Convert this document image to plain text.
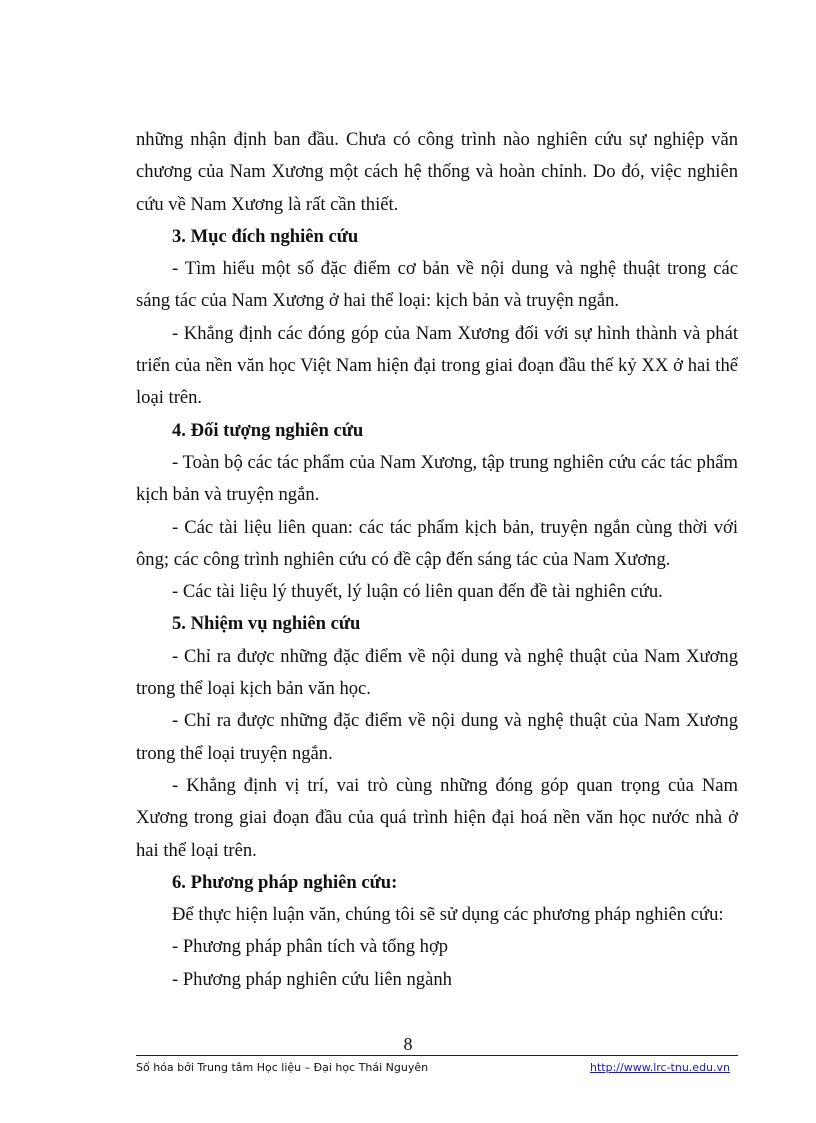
những nhận định ban đầu. Chưa có công trình nào nghiên cứu sự nghiệp văn chương của Nam Xương một cách hệ thống và hoàn chỉnh. Do đó, việc nghiên cứu về Nam Xương là rất cần thiết.

3. Mục đích nghiên cứu

- Tìm hiểu một số đặc điểm cơ bản về nội dung và nghệ thuật trong các sáng tác của Nam Xương ở hai thể loại: kịch bản và truyện ngắn.

- Khẳng định các đóng góp của Nam Xương đối với sự hình thành và phát triển của nền văn học Việt Nam hiện đại trong giai đoạn đầu thế kỷ XX ở hai thể loại trên.

4. Đối tượng nghiên cứu

- Toàn bộ các tác phẩm của Nam Xương, tập trung nghiên cứu các tác phẩm kịch bản và truyện ngắn.

- Các tài liệu liên quan: các tác phẩm kịch bản, truyện ngắn cùng thời với ông; các công trình nghiên cứu có đề cập đến sáng tác của Nam Xương.

- Các tài liệu lý thuyết, lý luận có liên quan đến đề tài nghiên cứu.

5. Nhiệm vụ nghiên cứu

- Chỉ ra được những đặc điểm về nội dung và nghệ thuật của Nam Xương trong thể loại kịch bản văn học.

- Chỉ ra được những đặc điểm về nội dung và nghệ thuật của Nam Xương trong thể loại truyện ngắn.

- Khẳng định vị trí, vai trò cùng những đóng góp quan trọng của Nam Xương trong giai đoạn đầu của quá trình hiện đại hoá nền văn học nước nhà ở hai thể loại trên.

6. Phương pháp nghiên cứu:

Để thực hiện luận văn, chúng tôi sẽ sử dụng các phương pháp nghiên cứu:

- Phương pháp phân tích và tổng hợp

- Phương pháp nghiên cứu liên ngành

8
Số hóa bởi Trung tâm Học liệu – Đại học Thái Nguyên	http://www.lrc-tnu.edu.vn
